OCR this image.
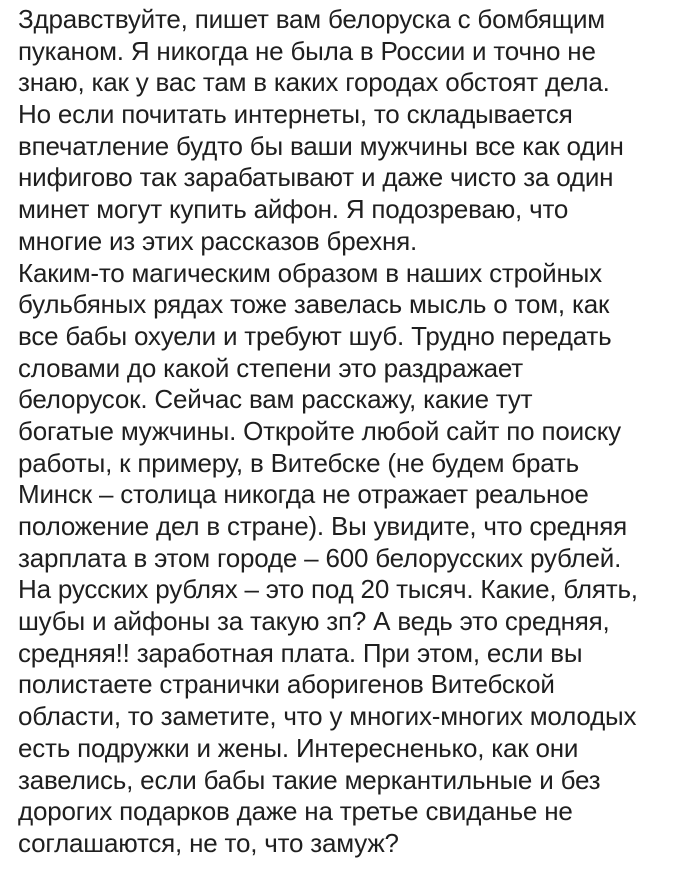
Здравствуйте, пишет вам белоруска с бомбящим
пуканом. Я никогда не была в России и точно не
знаю, как у вас там в каких городах обстоят дела.
Но если почитать интернеты, то складывается
впечатление будто бы ваши мужчины все как один
нифигово так зарабатывают и даже чисто за один
минет могут купить айфон. Я подозреваю, что
многие из этих рассказов брехня.
Каким-то магическим образом в наших стройных
бульбяных рядах тоже завелась мысль о том, как
все бабы охуели и требуют шуб. Трудно передать
словами до какой степени это раздражает
белорусок. Сейчас вам расскажу, какие тут
богатые мужчины. Откройте любой сайт по поиску
работы, к примеру, в Витебске (не будем брать
Минск – столица никогда не отражает реальное
положение дел в стране). Вы увидите, что средняя
зарплата в этом городе – 600 белорусских рублей.
На русских рублях – это под 20 тысяч. Какие, блять,
шубы и айфоны за такую зп? А ведь это средняя,
средняя!! заработная плата. При этом, если вы
полистаете странички аборигенов Витебской
области, то заметите, что у многих-многих молодых
есть подружки и жены. Интересненько, как они
завелись, если бабы такие меркантильные и без
дорогих подарков даже на третье свиданье не
соглашаются, не то, что замуж?
